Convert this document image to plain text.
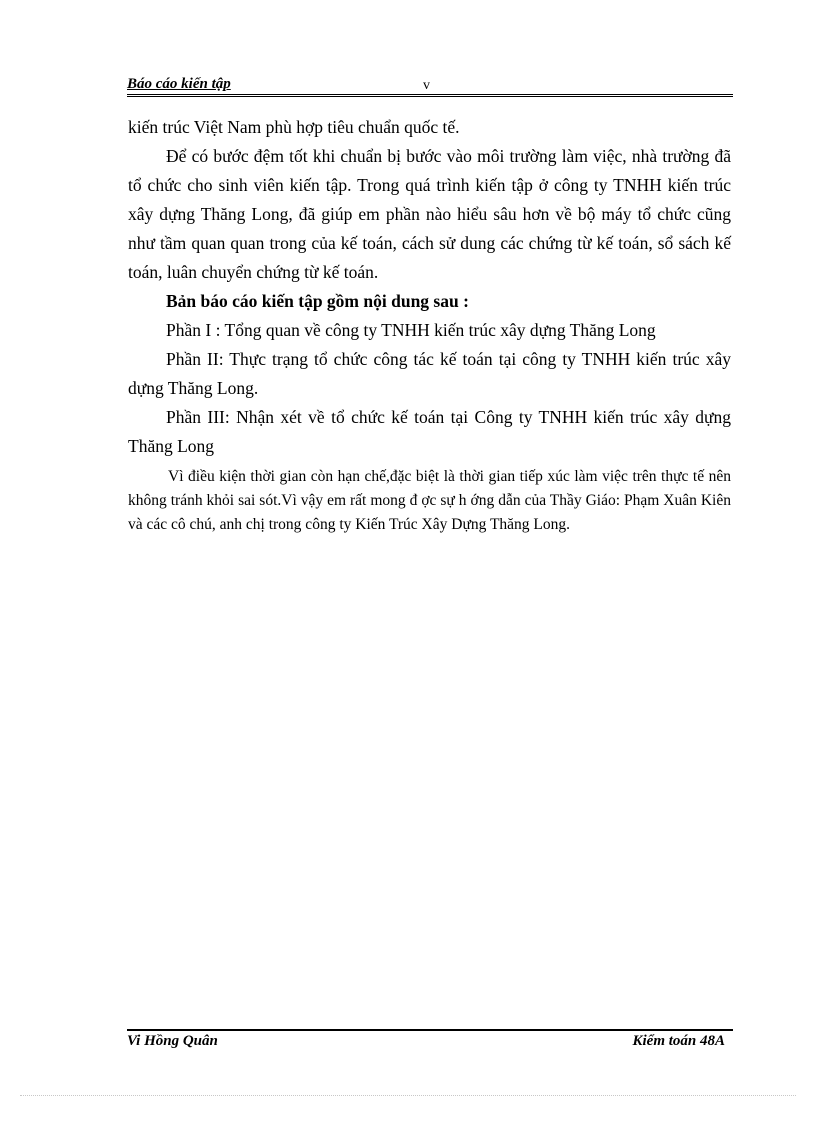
Báo cáo kiến tập	v

kiến trúc Việt Nam phù hợp tiêu chuẩn quốc tế.

Để có bước đệm tốt khi chuẩn bị bước vào môi trường làm việc, nhà trường đã tổ chức cho sinh viên kiến tập. Trong quá trình kiến tập ở công ty TNHH kiến trúc xây dựng Thăng Long, đã giúp em phần nào hiểu sâu hơn về bộ máy tổ chức cũng như tầm quan quan trong của kế toán, cách sử dung các chứng từ kế toán, sổ sách kế toán, luân chuyển chứng từ kế toán.

Bản báo cáo kiến tập gồm nội dung sau :

Phần I : Tổng quan về công ty TNHH kiến trúc xây dựng Thăng Long

Phần II: Thực trạng tổ chức công tác kế toán tại công ty TNHH kiến trúc xây dựng Thăng Long.

Phần III: Nhận xét về tổ chức kế toán tại Công ty TNHH kiến trúc xây dựng Thăng Long

Vì điều kiện thời gian còn hạn chế,đặc biệt là thời gian tiếp xúc làm việc trên thực tế nên không tránh khỏi sai sót.Vì vậy em rất mong đ ợc sự h ớng dẫn của Thầy Giáo: Phạm Xuân Kiên và các cô chú, anh chị trong công ty Kiến Trúc Xây Dựng Thăng Long.

Vi Hồng Quân	Kiểm toán 48A
